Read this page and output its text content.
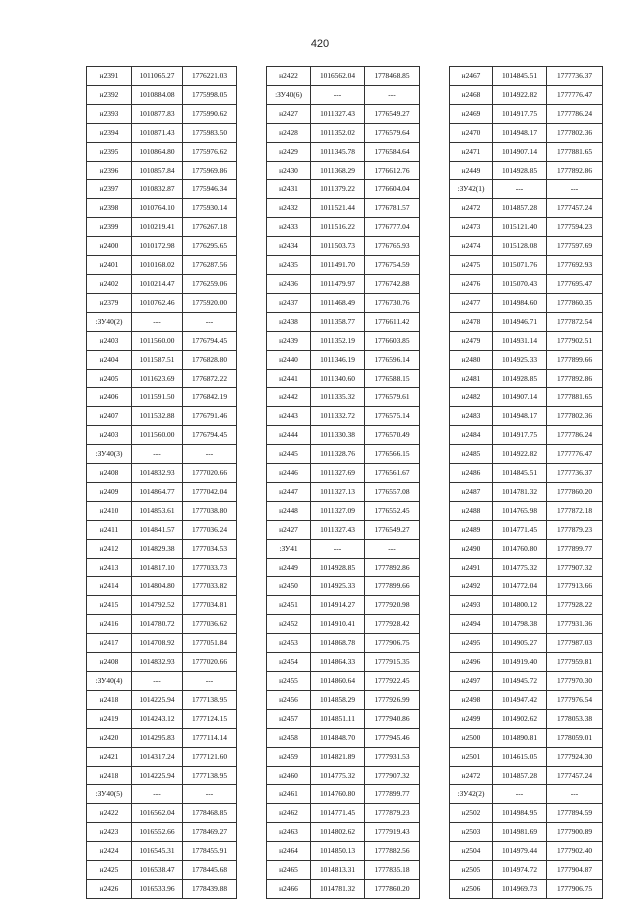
420
н2391	1011065.27	1776221.03
н2392	1010884.08	1775998.05
н2393	1010877.83	1775990.62
н2394	1010871.43	1775983.50
н2395	1010864.80	1775976.62
н2396	1010857.84	1775969.86
н2397	1010832.87	1775946.34
н2398	1010764.10	1775930.14
н2399	1010219.41	1776267.18
н2400	1010172.98	1776295.65
н2401	1010168.02	1776287.56
н2402	1010214.47	1776259.06
н2379	1010762.46	1775920.00
:ЗУ40(2)	---	---
н2403	1011560.00	1776794.45
н2404	1011587.51	1776828.80
н2405	1011623.69	1776872.22
н2406	1011591.50	1776842.19
н2407	1011532.88	1776791.46
н2403	1011560.00	1776794.45
:ЗУ40(3)	---	---
н2408	1014832.93	1777020.66
н2409	1014864.77	1777042.04
н2410	1014853.61	1777038.80
н2411	1014841.57	1777036.24
н2412	1014829.38	1777034.53
н2413	1014817.10	1777033.73
н2414	1014804.80	1777033.82
н2415	1014792.52	1777034.81
н2416	1014780.72	1777036.62
н2417	1014708.92	1777051.84
н2408	1014832.93	1777020.66
:ЗУ40(4)	---	---
н2418	1014225.94	1777138.95
н2419	1014243.12	1777124.15
н2420	1014295.83	1777114.14
н2421	1014317.24	1777121.60
н2418	1014225.94	1777138.95
:ЗУ40(5)	---	---
н2422	1016562.04	1778468.85
н2423	1016552.66	1778469.27
н2424	1016545.31	1778455.91
н2425	1016538.47	1778445.68
н2426	1016533.96	1778439.88
н2422	1016562.04	1778468.85
:ЗУ40(6)	---	---
н2427	1011327.43	1776549.27
н2428	1011352.02	1776579.64
н2429	1011345.78	1776584.64
н2430	1011368.29	1776612.76
н2431	1011379.22	1776604.04
н2432	1011521.44	1776781.57
н2433	1011516.22	1776777.04
н2434	1011503.73	1776765.93
н2435	1011491.70	1776754.59
н2436	1011479.97	1776742.88
н2437	1011468.49	1776730.76
н2438	1011358.77	1776611.42
н2439	1011352.19	1776603.85
н2440	1011346.19	1776596.14
н2441	1011340.60	1776588.15
н2442	1011335.32	1776579.61
н2443	1011332.72	1776575.14
н2444	1011330.38	1776570.49
н2445	1011328.76	1776566.15
н2446	1011327.69	1776561.67
н2447	1011327.13	1776557.08
н2448	1011327.09	1776552.45
н2427	1011327.43	1776549.27
:ЗУ41	---	---
н2449	1014928.85	1777892.86
н2450	1014925.33	1777899.66
н2451	1014914.27	1777920.98
н2452	1014910.41	1777928.42
н2453	1014868.78	1777906.75
н2454	1014864.33	1777915.35
н2455	1014860.64	1777922.45
н2456	1014858.29	1777926.99
н2457	1014851.11	1777940.86
н2458	1014848.70	1777945.46
н2459	1014821.89	1777931.53
н2460	1014775.32	1777907.32
н2461	1014760.80	1777899.77
н2462	1014771.45	1777879.23
н2463	1014802.62	1777919.43
н2464	1014850.13	1777882.56
н2465	1014813.31	1777835.18
н2466	1014781.32	1777860.20
н2467	1014845.51	1777736.37
н2468	1014922.82	1777776.47
н2469	1014917.75	1777786.24
н2470	1014948.17	1777802.36
н2471	1014907.14	1777881.65
н2449	1014928.85	1777892.86
:ЗУ42(1)	---	---
н2472	1014857.28	1777457.24
н2473	1015121.40	1777594.23
н2474	1015128.08	1777597.69
н2475	1015071.76	1777692.93
н2476	1015070.43	1777695.47
н2477	1014984.60	1777860.35
н2478	1014946.71	1777872.54
н2479	1014931.14	1777902.51
н2480	1014925.33	1777899.66
н2481	1014928.85	1777892.86
н2482	1014907.14	1777881.65
н2483	1014948.17	1777802.36
н2484	1014917.75	1777786.24
н2485	1014922.82	1777776.47
н2486	1014845.51	1777736.37
н2487	1014781.32	1777860.20
н2488	1014765.98	1777872.18
н2489	1014771.45	1777879.23
н2490	1014760.80	1777899.77
н2491	1014775.32	1777907.32
н2492	1014772.04	1777913.66
н2493	1014800.12	1777928.22
н2494	1014798.38	1777931.36
н2495	1014905.27	1777987.03
н2496	1014919.40	1777959.81
н2497	1014945.72	1777970.30
н2498	1014947.42	1777976.54
н2499	1014902.62	1778053.38
н2500	1014890.81	1778059.01
н2501	1014615.05	1777924.30
н2472	1014857.28	1777457.24
:ЗУ42(2)	---	---
н2502	1014984.95	1777894.59
н2503	1014981.69	1777900.89
н2504	1014979.44	1777902.40
н2505	1014974.72	1777904.87
н2506	1014969.73	1777906.75
